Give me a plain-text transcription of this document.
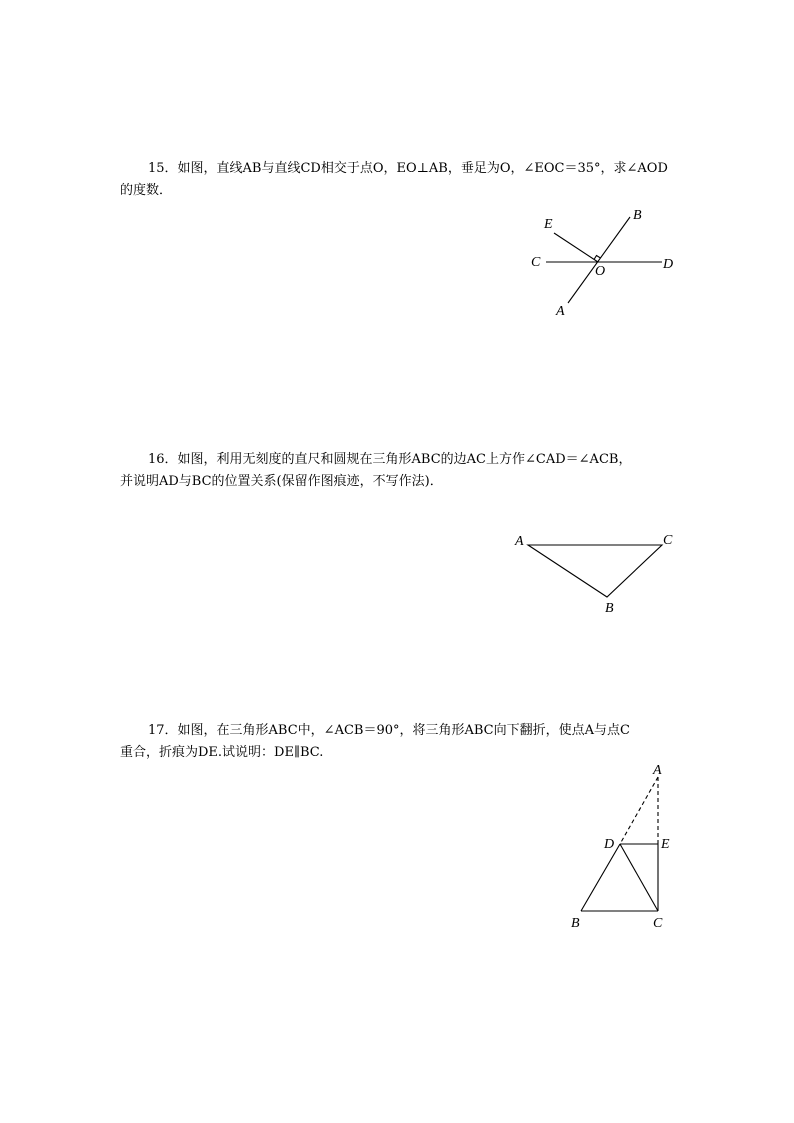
15．如图，直线AB与直线CD相交于点O，EO⊥AB，垂足为O，∠EOC＝35°，求∠AOD
的度数．
E
B
C
O	D
A
16．如图，利用无刻度的直尺和圆规在三角形ABC的边AC上方作∠CAD＝∠ACB，
并说明AD与BC的位置关系(保留作图痕迹，不写作法)．
A	C
B
17．如图，在三角形ABC中，∠ACB＝90°，将三角形ABC向下翻折，使点A与点C
重合，折痕为DE.试说明：DE∥BC.
A
D	E
B	C
